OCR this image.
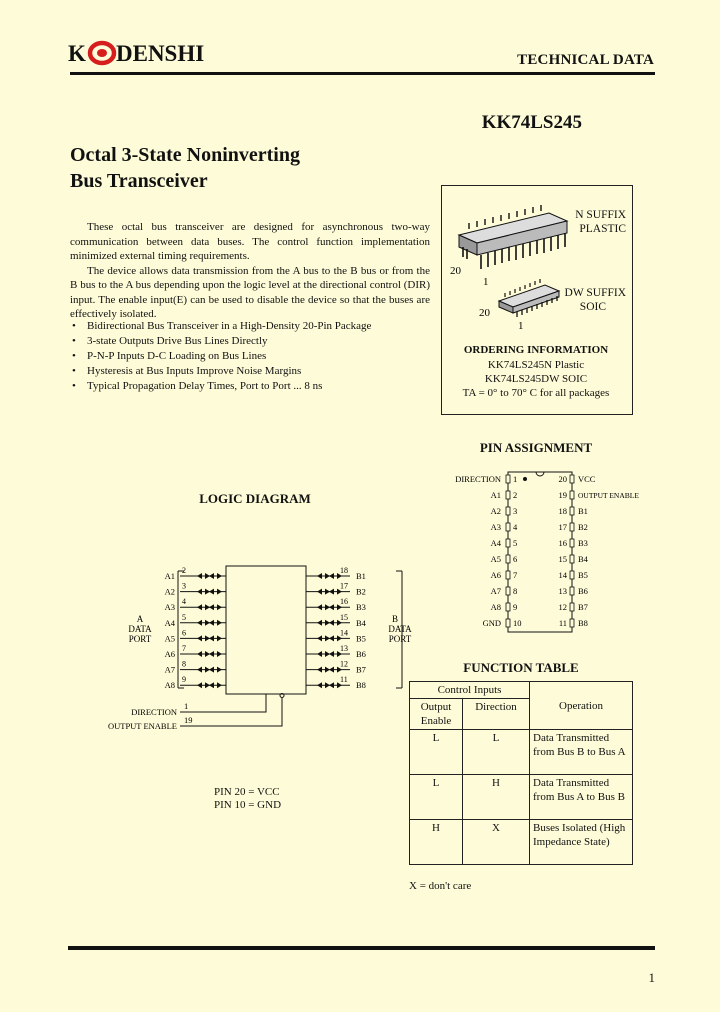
K DENSHI	TECHNICAL DATA
KK74LS245
Octal 3-State Noninverting
Bus Transceiver

These octal bus transceiver are designed for asynchronous two-way communication between data buses. The control function implementation minimized external timing requirements.

The device allows data transmission from the A bus to the B bus or from the B bus to the A bus depending upon the logic level at the directional control (DIR) input. The enable input(E) can be used to disable the device so that the buses are effectively isolated.

• Bidirectional Bus Transceiver in a High-Density 20-Pin Package
• 3-state Outputs Drive Bus Lines Directly
• P-N-P Inputs D-C Loading on Bus Lines
• Hysteresis at Bus Inputs Improve Noise Margins
• Typical Propagation Delay Times, Port to Port ... 8 ns
20
1
20
1
N SUFFIX
PLASTIC
DW SUFFIX
SOIC
ORDERING INFORMATION
KK74LS245N Plastic
KK74LS245DW SOIC
TA = 0° to 70° C for all packages
PIN ASSIGNMENT
1
DIRECTION
2
A1
3
A2
4
A3
5
A4
6
A5
7
A6
8
A7
9
A8
10
GND
20 VCC
19 OUTPUT ENABLE
18 B1
17 B2
16 B3
15 B4
14 B5
13 B6
12 B7
11 B8
LOGIC DIAGRAM
A
DATA
PORT
B
DATA
PORT
A1
2
A2
3
A3
4
A4
5
A5
6
A6
7
A7
8
A8
9
B1
18
B2
17
B3
16
B4
15
B5
14
B6
13
B7
12
B8
11
DIRECTION
1
OUTPUT ENABLE
19
PIN 20 = VCC
PIN 10 = GND
FUNCTION TABLE
Control Inputs		Operation
Output Enable	Direction	
L	L	Data Transmitted from Bus B to Bus A
L	H	Data Transmitted from Bus A to Bus B
H	X	Buses Isolated (High Impedance State)
X = don't care
1
